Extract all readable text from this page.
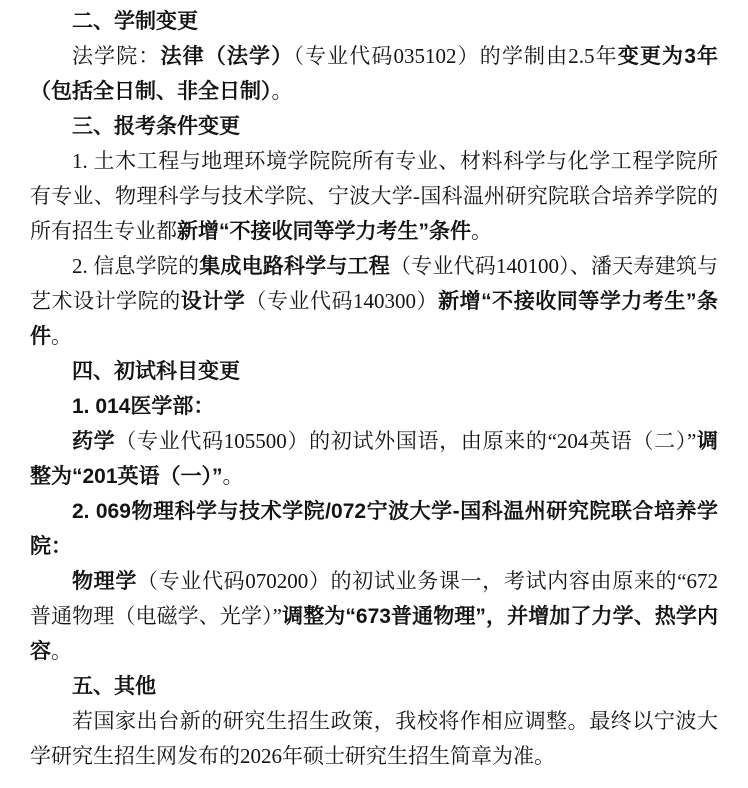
二、学制变更

法学院：法律（法学）（专业代码035102）的学制由2.5年变更为3年（包括全日制、非全日制）。

三、报考条件变更

1. 土木工程与地理环境学院院所有专业、材料科学与化学工程学院所有专业、物理科学与技术学院、宁波大学-国科温州研究院联合培养学院的所有招生专业都新增“不接收同等学力考生”条件。

2. 信息学院的集成电路科学与工程（专业代码140100）、潘天寿建筑与艺术设计学院的设计学（专业代码140300）新增“不接收同等学力考生”条件。

四、初试科目变更

1. 014医学部：

药学（专业代码105500）的初试外国语，由原来的“204英语（二）”调整为“201英语（一）”。

2. 069物理科学与技术学院/072宁波大学-国科温州研究院联合培养学院：

物理学（专业代码070200）的初试业务课一，考试内容由原来的“672普通物理（电磁学、光学）”调整为“673普通物理”，并增加了力学、热学内容。

五、其他

若国家出台新的研究生招生政策，我校将作相应调整。最终以宁波大学研究生招生网发布的2026年硕士研究生招生简章为准。
